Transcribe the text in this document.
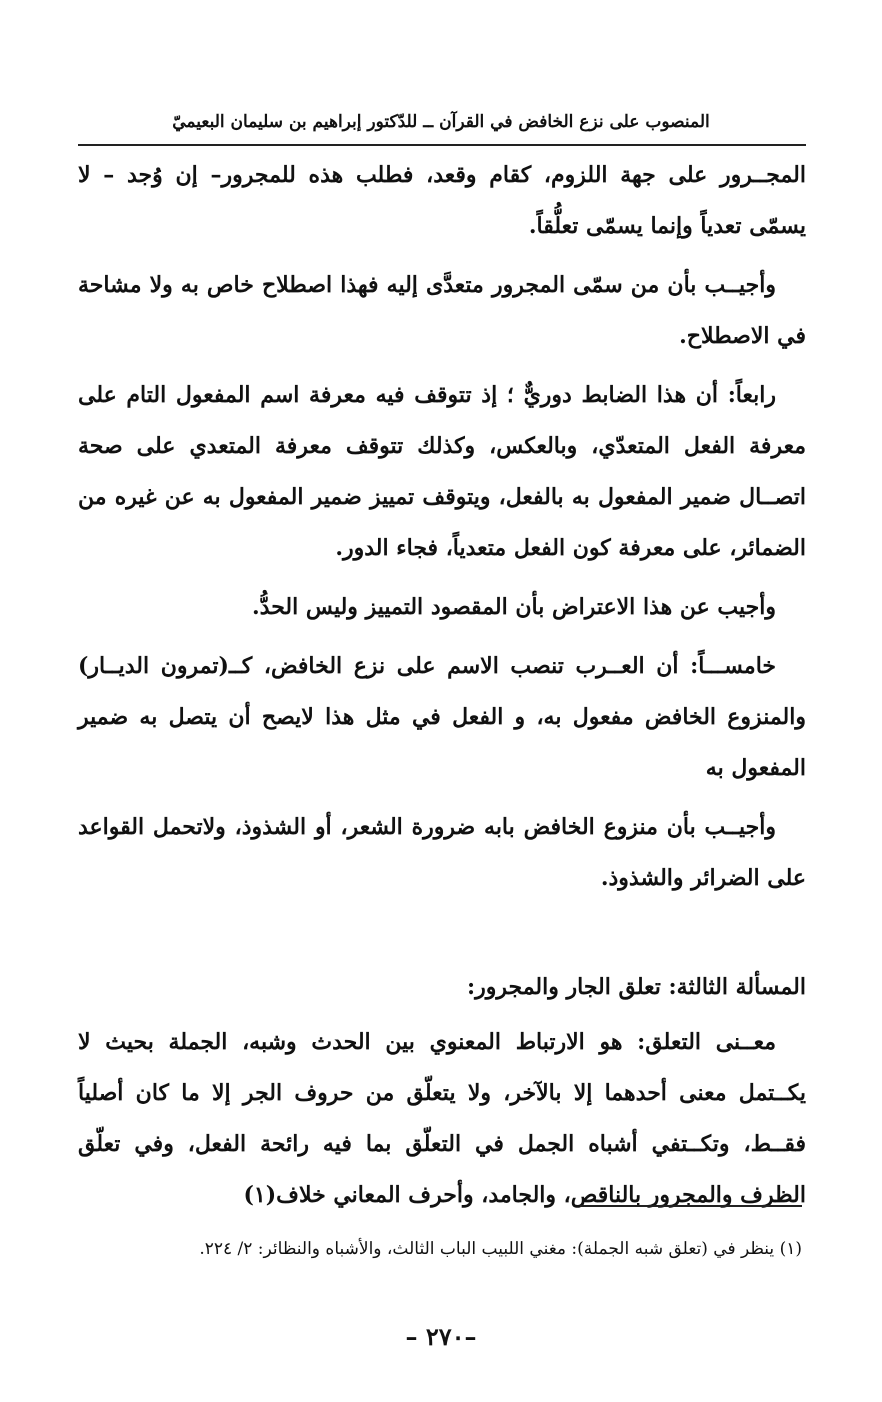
المنصوب على نزع الخافض في القرآن ــ للدّكتور إبراهيم بن سليمان البعيميّ

المجــرور على جهة اللزوم، كقام وقعد، فطلب هذه للمجرور– إن وُجد – لا يسمّى تعدياً وإنما يسمّى تعلُّقاً.

وأجيــب بأن من سمّى المجرور متعدَّى إليه فهذا اصطلاح خاص به ولا مشاحة في الاصطلاح.

رابعاً: أن هذا الضابط دوريٌّ ؛ إذ تتوقف فيه معرفة اسم المفعول التام على معرفة الفعل المتعدّي، وبالعكس، وكذلك تتوقف معرفة المتعدي على صحة اتصــال ضمير المفعول به بالفعل، ويتوقف تمييز ضمير المفعول به عن غيره من الضمائر، على معرفة كون الفعل متعدياً، فجاء الدور.

وأجيب عن هذا الاعتراض بأن المقصود التمييز وليس الحدُّ.

خامســـاً: أن العــرب تنصب الاسم على نزع الخافض، كــ(تمرون الديــار) والمنزوع الخافض مفعول به، و الفعل في مثل هذا لايصح أن يتصل به ضمير المفعول به

وأجيــب بأن منزوع الخافض بابه ضرورة الشعر، أو الشذوذ، ولاتحمل القواعد على الضرائر والشذوذ.

المسألة الثالثة: تعلق الجار والمجرور:

معــنى التعلق: هو الارتباط المعنوي بين الحدث وشبه، الجملة بحيث لا يكــتمل معنى أحدهما إلا بالآخر، ولا يتعلّق من حروف الجر إلا ما كان أصلياً فقــط، وتكــتفي أشباه الجمل في التعلّق بما فيه رائحة الفعل، وفي تعلّق الظرف والمجرور بالناقص، والجامد، وأحرف المعاني خلاف(١)

(١) ينظر في (تعلق شبه الجملة): مغني اللبيب الباب الثالث، والأشباه والنظائر: ٢/ ٢٢٤.
–٢٧٠ –
